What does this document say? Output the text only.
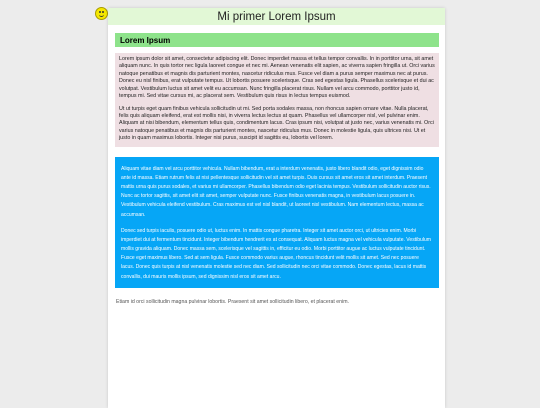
Mi primer Lorem Ipsum
Lorem Ipsum

Lorem ipsum dolor sit amet, consectetur adipiscing elit. Donec imperdiet massa et tellus tempor convallis. In in porttitor urna, sit amet aliquam nunc. In quis tortor nec ligula laoreet congue et nec mi. Aenean venenatis elit sapien, ac viverra sapien fringilla ut. Orci varius natoque penatibus et magnis dis parturient montes, nascetur ridiculus mus. Fusce vel diam a purus semper maximus nec at purus. Donec eu nisl finibus, erat vulputate tempus. Ut lobortis posuere scelerisque. Cras sed egestas ligula. Phasellus scelerisque et dui ac volutpat. Vestibulum luctus sit amet velit eu accumsan. Nunc fringilla placerat risus. Nullam vel arcu commodo, porttitor justo id, tempus mi. Sed vitae cursus mi, ac placerat sem. Vestibulum quis risus in lectus tempus euismod.

Ut ut turpis eget quam finibus vehicula sollicitudin ut mi. Sed porta sodales massa, non rhoncus sapien ornare vitae. Nulla placerat, felis quis aliquam eleifend, erat est mollis nisi, in viverra lectus lectus at quam. Phasellus vel ullamcorper nisl, vel pulvinar enim. Aliquam at nisi bibendum, elementum tellus quis, condimentum lacus. Cras ipsum nisi, volutpat at justo nec, varius venenatis mi. Orci varius natoque penatibus et magnis dis parturient montes, nascetur ridiculus mus. Donec in molestie ligula, quis ultrices nisi. Ut et justo in quam maximus lobortis. Integer nisi purus, suscipit id sagittis eu, lobortis vel lorem.

Aliquam vitae diam vel arcu porttitor vehicula. Nullam bibendum, erat a interdum venenatis, justo libero blandit odio, eget dignissim odio ante id massa. Etiam rutrum felis at nisi pellentesque sollicitudin vel sit amet turpis. Duis cursus sit amet eros sit amet interdum. Praesent mattis urna quis purus sodales, et varius mi ullamcorper. Phasellus bibendum odio eget lacinia tempus. Vestibulum sollicitudin auctor risus. Nunc ac tortor sagittis, sit amet elit sit amet, semper vulputate nunc. Fusce finibus venenatis magna, in vestibulum lacus posuere in. Vestibulum vehicula eleifend vestibulum. Cras maximus est vel nisl blandit, ut laoreet nisl vestibulum. Nam elementum lectus, massa ac accumsan.

Donec sed turpis iaculis, posuere odio ut, luctus enim. In mattis congue pharetra. Integer sit amet auctor orci, ut ultricies enim. Morbi imperdiet dui at fermentum tincidunt. Integer bibendum hendrerit ex at consequat. Aliquam luctus magna vel vehicula vulputate. Vestibulum mollis gravida aliquam. Donec massa sem, scelerisque vel sagittis in, efficitur eu odio. Morbi porttitor augue ac luctus vulputate tincidunt. Fusce eget maximus libero. Sed at sem ligula. Fusce commodo varius augue, rhoncus tincidunt velit mollis sit amet. Sed nec posuere lacus. Donec quis turpis at nisl venenatis molestie sed nec diam. Sed sollicitudin nec orci vitae commodo. Donec egestas, lacus id mattis convallis, dui mauris mollis ipsum, sed dignissim nisl eros sit amet arcu.

Etiam id orci sollicitudin magna pulvinar lobortis. Praesent sit amet sollicitudin libero, et placerat enim.
